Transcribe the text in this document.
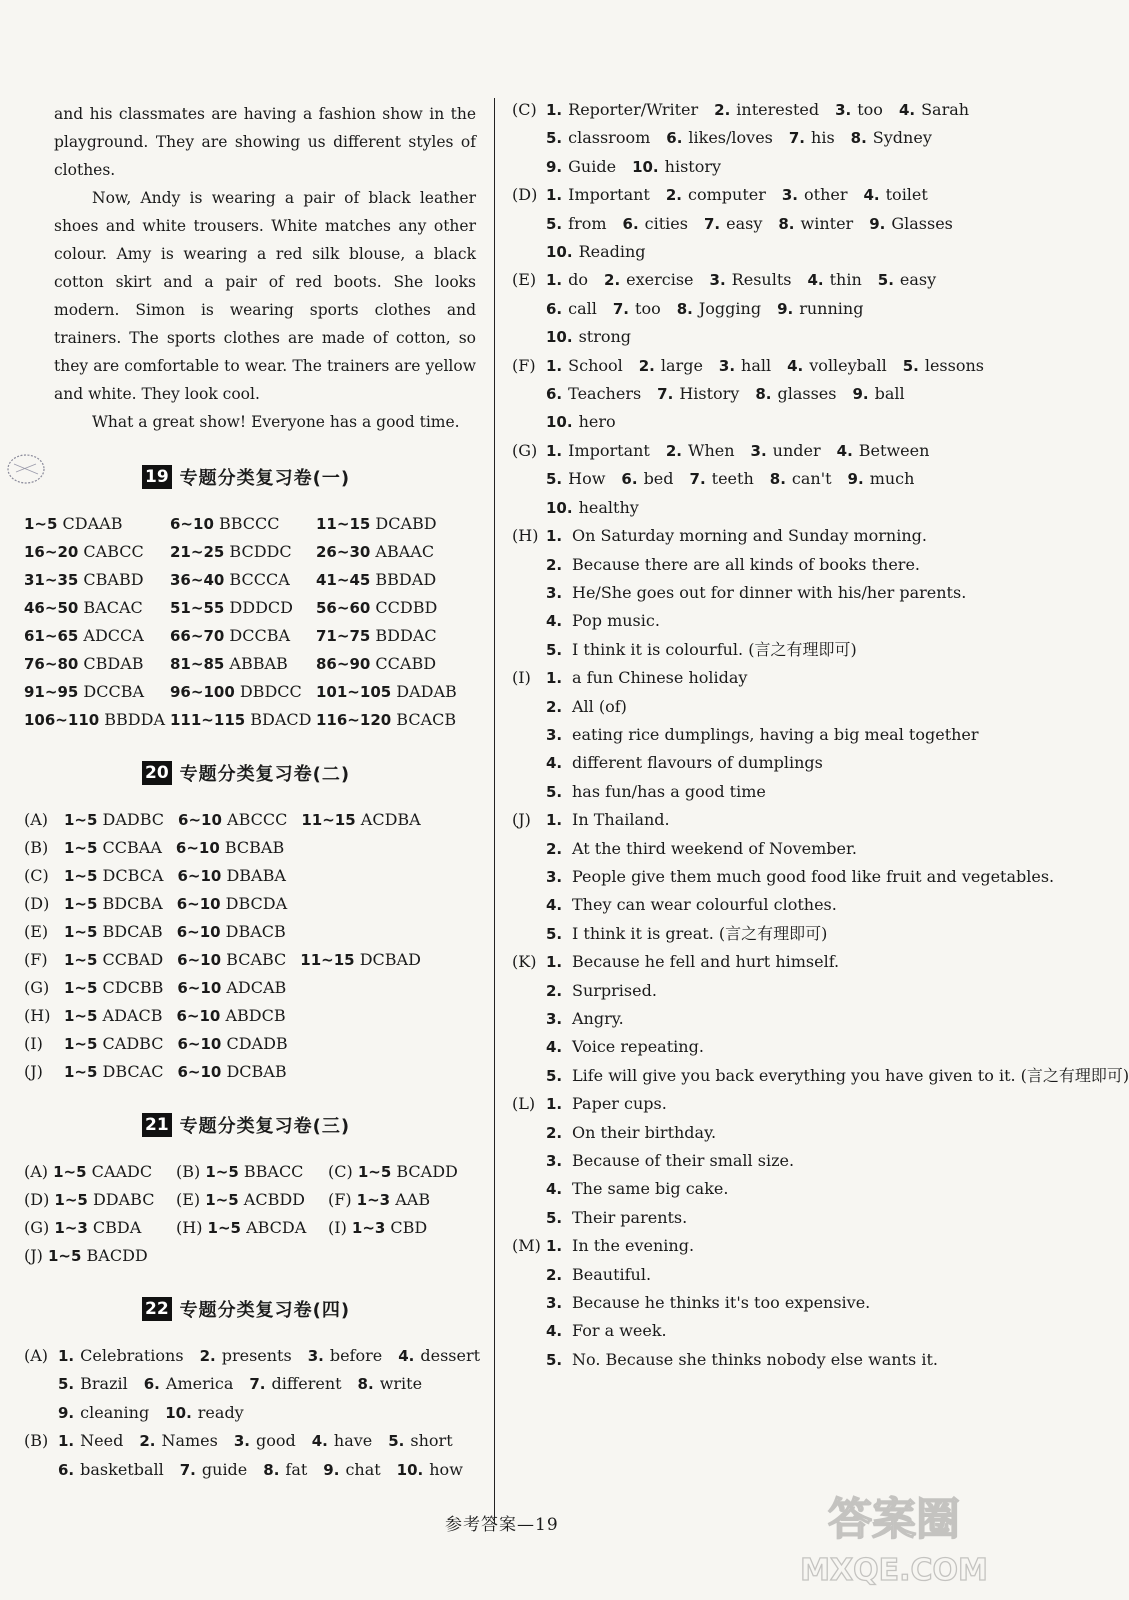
and his classmates are having a fashion show in the playground. They are showing us different styles of clothes.

Now, Andy is wearing a pair of black leather shoes and white trousers. White matches any other colour. Amy is wearing a red silk blouse, a black cotton skirt and a pair of red boots. She looks modern. Simon is wearing sports clothes and trainers. The sports clothes are made of cotton, so they are comfortable to wear. The trainers are yellow and white. They look cool.

What a great show! Everyone has a good time.

19 专题分类复习卷(一)
1~5 CDAAB	6~10 BBCCC	11~15 DCABD
16~20 CABCC	21~25 BCDDC	26~30 ABAAC
31~35 CBABD	36~40 BCCCA	41~45 BBDAD
46~50 BACAC	51~55 DDDCD	56~60 CCDBD
61~65 ADCCA	66~70 DCCBA	71~75 BDDAC
76~80 CBDAB	81~85 ABBAB	86~90 CCABD
91~95 DCCBA	96~100 DBDCC 101~105 DADAB
106~110 BBDDA 111~115 BDACD 116~120 BCACB
20 专题分类复习卷(二)
(A) 1~5 DADBC 6~10 ABCCC 11~15 ACDBA
(B) 1~5 CCBAA 6~10 BCBAB
(C) 1~5 DCBCA 6~10 DBABA
(D) 1~5 BDCBA 6~10 DBCDA
(E) 1~5 BDCAB 6~10 DBACB
(F) 1~5 CCBAD 6~10 BCABC 11~15 DCBAD
(G) 1~5 CDCBB 6~10 ADCAB
(H) 1~5 ADACB 6~10 ABDCB
(I) 1~5 CADBC 6~10 CDADB
(J) 1~5 DBCAC 6~10 DCBAB
21 专题分类复习卷(三)
(A) 1~5 CAADC (B) 1~5 BBACC (C) 1~5 BCADD
(D) 1~5 DDABC (E) 1~5 ACBDD (F) 1~3 AAB
(G) 1~3 CBDA (H) 1~5 ABCDA (I) 1~3 CBD
(J) 1~5 BACDD
22 专题分类复习卷(四)
(A) 1. Celebrations 2. presents 3. before 4. dessert
5. Brazil 6. America 7. different 8. write
9. cleaning 10. ready
(B) 1. Need 2. Names 3. good 4. have 5. short
6. basketball 7. guide 8. fat 9. chat 10. how
(C) 1. Reporter/Writer 2. interested 3. too 4. Sarah
5. classroom 6. likes/loves 7. his 8. Sydney
9. Guide 10. history
(D) 1. Important 2. computer 3. other 4. toilet
5. from 6. cities 7. easy 8. winter 9. Glasses
10. Reading
(E) 1. do 2. exercise 3. Results 4. thin 5. easy
6. call 7. too 8. Jogging 9. running
10. strong
(F) 1. School 2. large 3. hall 4. volleyball 5. lessons
6. Teachers 7. History 8. glasses 9. ball
10. hero
(G) 1. Important 2. When 3. under 4. Between
5. How 6. bed 7. teeth 8. can't 9. much
10. healthy
(H) 1. On Saturday morning and Sunday morning.
2. Because there are all kinds of books there.
3. He/She goes out for dinner with his/her parents.
4. Pop music.
5. I think it is colourful. (言之有理即可)
(I)	1. a fun Chinese holiday
2. All (of)
3. eating rice dumplings, having a big meal together
4. different flavours of dumplings
5. has fun/has a good time
(J)	1. In Thailand.
2. At the third weekend of November.
3. People give them much good food like fruit and vegetables.
4. They can wear colourful clothes.
5. I think it is great. (言之有理即可)
(K) 1. Because he fell and hurt himself.
2. Surprised.
3. Angry.
4. Voice repeating.
5. Life will give you back everything you have given to it. (言之有理即可)
(L) 1. Paper cups.
2. On their birthday.
3. Because of their small size.
4. The same big cake.
5. Their parents.
(M) 1. In the evening.
2. Beautiful.
3. Because he thinks it's too expensive.
4. For a week.
5. No. Because she thinks nobody else wants it.
参考答案—19	答案圈
MXQE.COM
